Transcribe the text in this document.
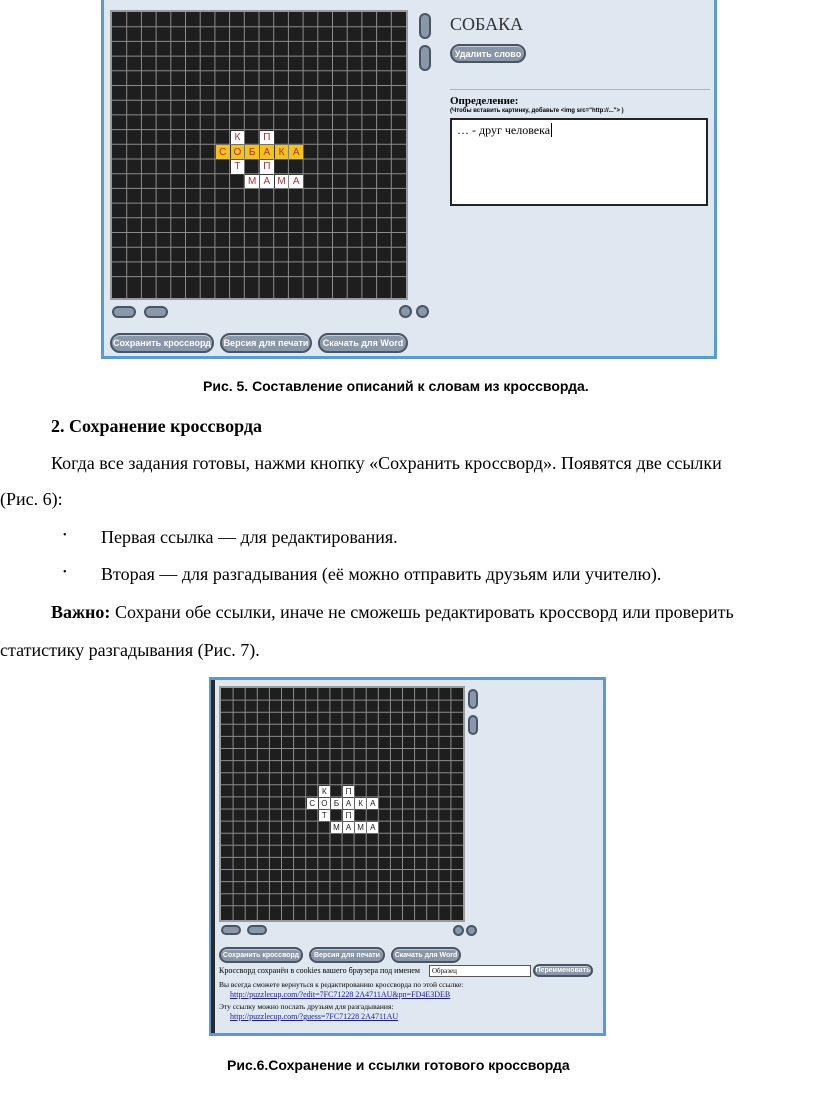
К	П
С О Б А К А
Т	П
М А М А
Сохранить кроссворд	Версия для печати	Скачать для Word
СОБАКА
Удалить слово
Определение:
(Чтобы вставить картинку, добавьте <img src="http://..."> )
… - друг человека
Рис. 5. Составление описаний к словам из кроссворда.
2. Сохранение кроссворда
Когда все задания готовы, нажми кнопку «Сохранить кроссворд». Появятся две ссылки
(Рис. 6):
• Первая ссылка — для редактирования.
• Вторая — для разгадывания (её можно отправить друзьям или учителю).
Важно: Сохрани обе ссылки, иначе не сможешь редактировать кроссворд или проверить
статистику разгадывания (Рис. 7).
К	П
С О Б А К А
Т	П
М А М А
Сохранить кроссворд	Версия для печати	Скачать для Word
Кроссворд сохранён в cookies вашего браузера под именем	Образец	Переименовать
Вы всегда сможете вернуться к редактированию кроссворда по этой ссылке:
http://puzzlecup.com/?edit=7FC71228 2A4711AU&pn=FD4E3DEB
Эту ссылку можно послать друзьям для разгадывания:
http://puzzlecup.com/?guess=7FC71228 2A4711AU
Рис.6.Сохранение и ссылки готового кроссворда
